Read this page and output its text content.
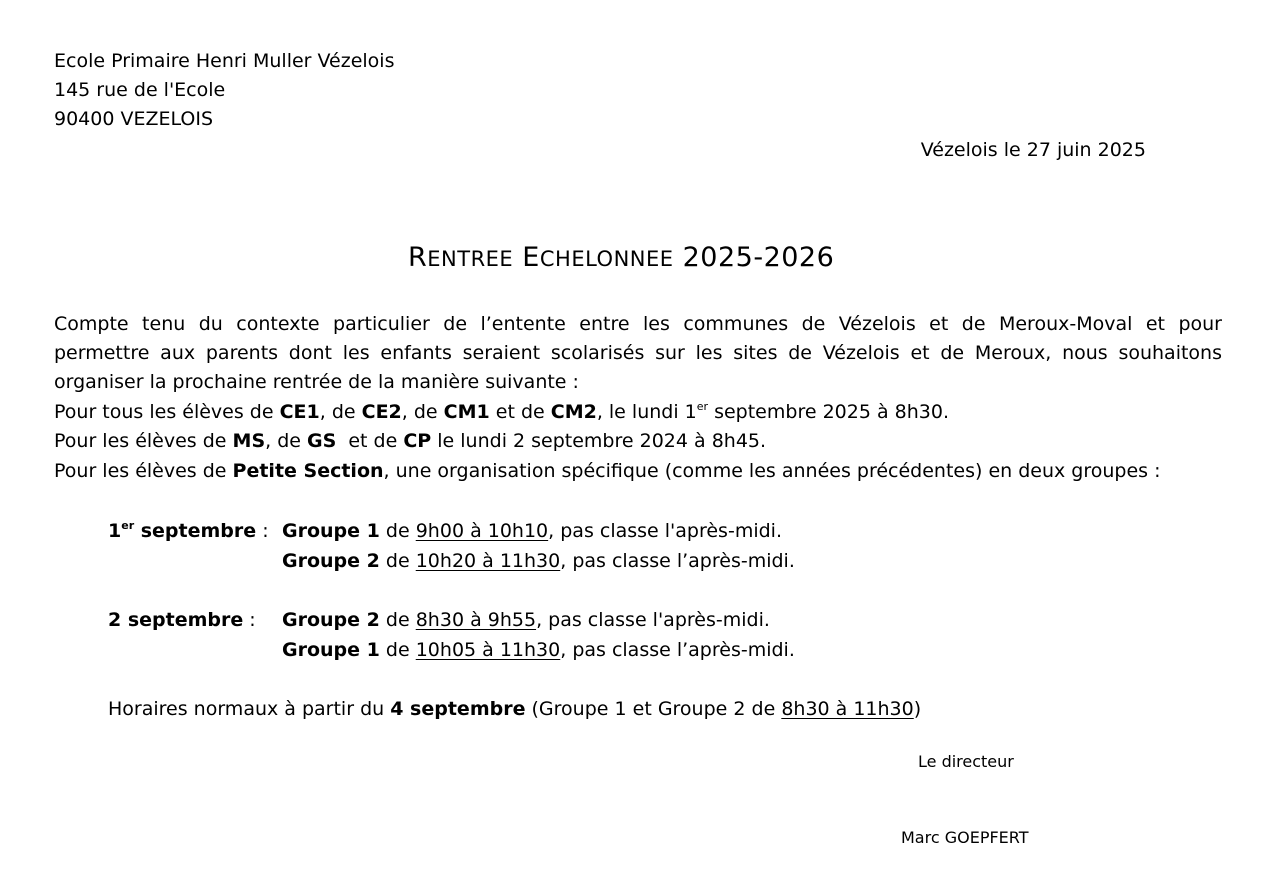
Ecole Primaire Henri Muller Vézelois
145 rue de l'Ecole
90400 VEZELOIS
Vézelois le 27 juin 2025
RENTREE ECHELONNEE 2025-2026
Compte tenu du contexte particulier de l’entente entre les communes de Vézelois et de Meroux-Moval et pour
permettre aux parents dont les enfants seraient scolarisés sur les sites de Vézelois et de Meroux, nous souhaitons
organiser la prochaine rentrée de la manière suivante :
Pour tous les élèves de CE1, de CE2, de CM1 et de CM2, le lundi 1er septembre 2025 à 8h30.
Pour les élèves de MS, de GS  et de CP le lundi 2 septembre 2024 à 8h45.
Pour les élèves de Petite Section, une organisation spécifique (comme les années précédentes) en deux groupes :
1er septembre : Groupe 1 de 9h00 à 10h10, pas classe l'après-midi.
Groupe 2 de 10h20 à 11h30, pas classe l’après-midi.
2 septembre : Groupe 2 de 8h30 à 9h55, pas classe l'après-midi.
Groupe 1 de 10h05 à 11h30, pas classe l’après-midi.
Horaires normaux à partir du 4 septembre (Groupe 1 et Groupe 2 de 8h30 à 11h30)
Le directeur
Marc GOEPFERT
